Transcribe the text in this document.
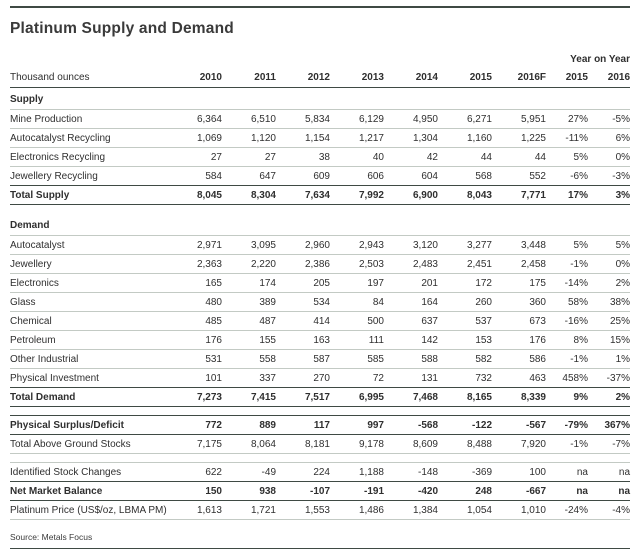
Platinum Supply and Demand
								Year on Year	
Thousand ounces	2010	2011	2012	2013	2014	2015	2016F	2015	2016
Supply									
Mine Production	6,364	6,510	5,834	6,129	4,950	6,271	5,951	27%	-5%
Autocatalyst Recycling	1,069	1,120	1,154	1,217	1,304	1,160	1,225	-11%	6%
Electronics Recycling	27	27	38	40	42	44	44	5%	0%
Jewellery Recycling	584	647	609	606	604	568	552	-6%	-3%
Total Supply	8,045	8,304	7,634	7,992	6,900	8,043	7,771	17%	3%

Demand									
Autocatalyst	2,971	3,095	2,960	2,943	3,120	3,277	3,448	5%	5%
Jewellery	2,363	2,220	2,386	2,503	2,483	2,451	2,458	-1%	0%
Electronics	165	174	205	197	201	172	175	-14%	2%
Glass	480	389	534	84	164	260	360	58%	38%
Chemical	485	487	414	500	637	537	673	-16%	25%
Petroleum	176	155	163	111	142	153	176	8%	15%
Other Industrial	531	558	587	585	588	582	586	-1%	1%
Physical Investment	101	337	270	72	131	732	463	458%	-37%
Total Demand	7,273	7,415	7,517	6,995	7,468	8,165	8,339	9%	2%

Physical Surplus/Deficit	772	889	117	997	-568	-122	-567	-79%	367%
Total Above Ground Stocks	7,175	8,064	8,181	9,178	8,609	8,488	7,920	-1%	-7%

Identified Stock Changes	622	-49	224	1,188	-148	-369	100	na	na
Net Market Balance	150	938	-107	-191	-420	248	-667	na	na
Platinum Price (US$/oz, LBMA PM)	1,613	1,721	1,553	1,486	1,384	1,054	1,010	-24%	-4%
Source: Metals Focus
